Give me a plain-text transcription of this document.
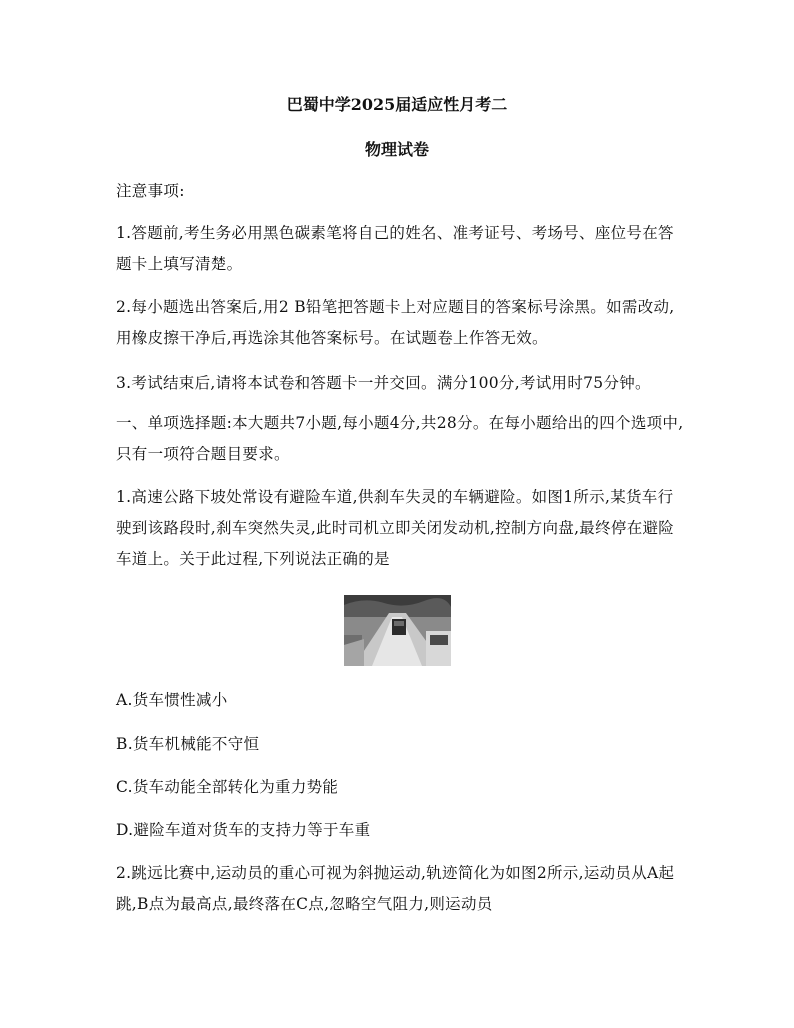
巴蜀中学2025届适应性月考二
物理试卷
注意事项:
1.答题前,考生务必用黑色碳素笔将自己的姓名、准考证号、考场号、座位号在答题卡上填写清楚。
2.每小题选出答案后,用2 B铅笔把答题卡上对应题目的答案标号涂黑。如需改动,用橡皮擦干净后,再选涂其他答案标号。在试题卷上作答无效。
3.考试结束后,请将本试卷和答题卡一并交回。满分100分,考试用时75分钟。
一、单项选择题:本大题共7小题,每小题4分,共28分。在每小题给出的四个选项中,只有一项符合题目要求。
1.高速公路下坡处常设有避险车道,供刹车失灵的车辆避险。如图1所示,某货车行驶到该路段时,刹车突然失灵,此时司机立即关闭发动机,控制方向盘,最终停在避险车道上。关于此过程,下列说法正确的是
A.货车惯性减小
B.货车机械能不守恒
C.货车动能全部转化为重力势能
D.避险车道对货车的支持力等于车重
2.跳远比赛中,运动员的重心可视为斜抛运动,轨迹简化为如图2所示,运动员从A起跳,B点为最高点,最终落在C点,忽略空气阻力,则运动员
